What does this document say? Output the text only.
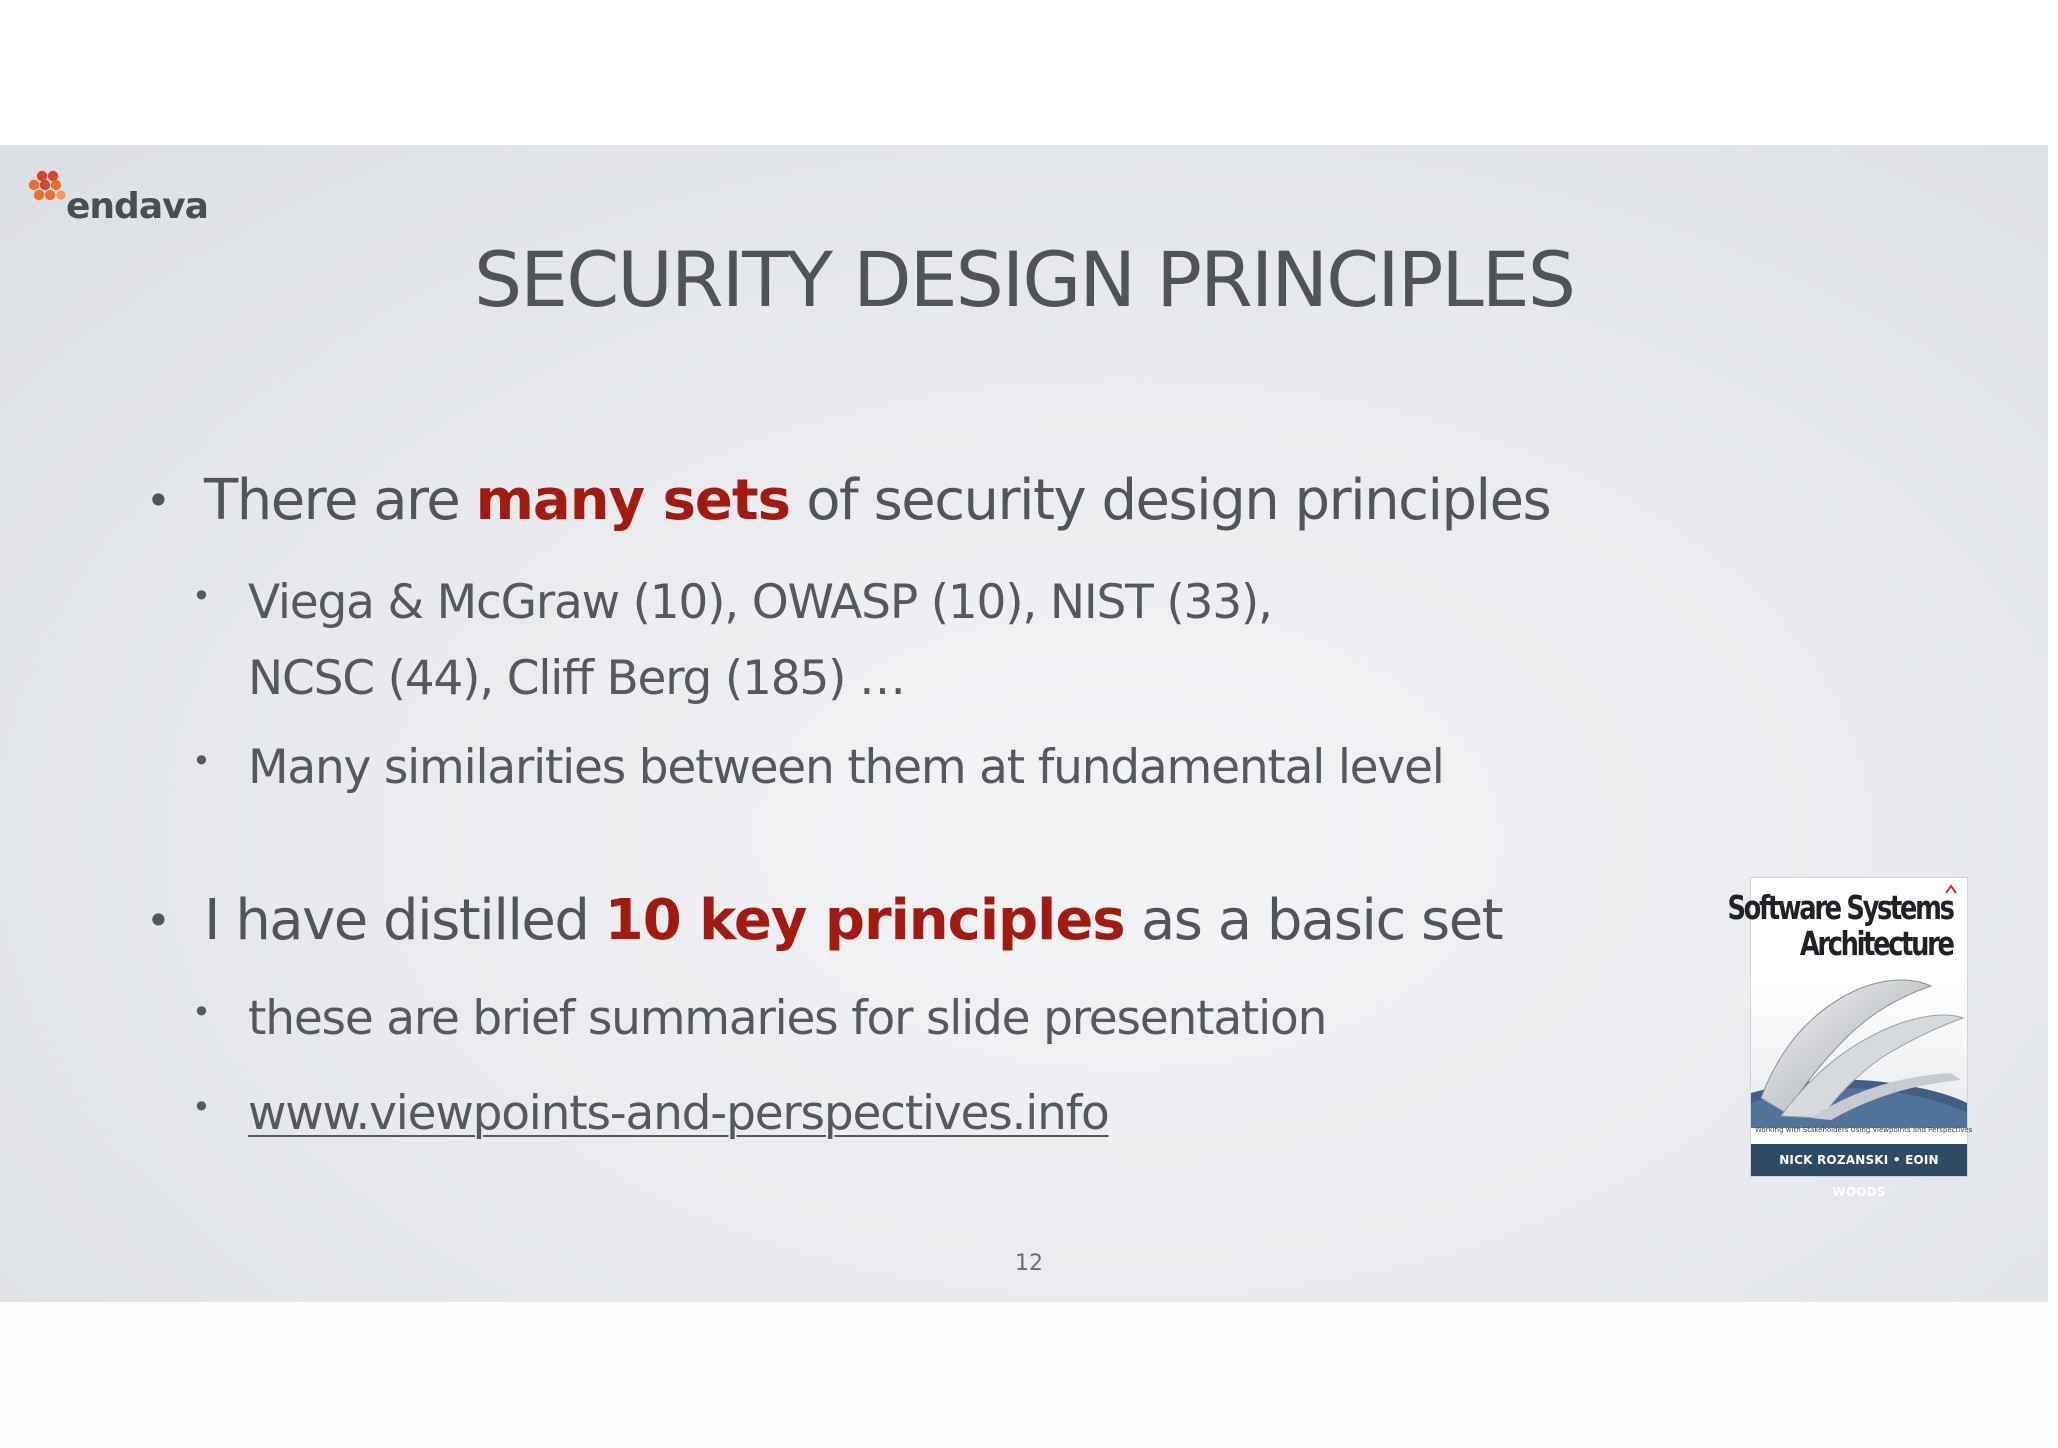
endava
SECURITY DESIGN PRINCIPLES
• There are many sets of security design principles
• Viega & McGraw (10), OWASP (10), NIST (33),
NCSC (44), Cliff Berg (185) …
• Many similarities between them at fundamental level
• I have distilled 10 key principles as a basic set
• these are brief summaries for slide presentation
• www.viewpoints-and-perspectives.info
Software Systems
Architecture
Working with Stakeholders Using Viewpoints and Perspectives
NICK ROZANSKI • EOIN WOODS
12
